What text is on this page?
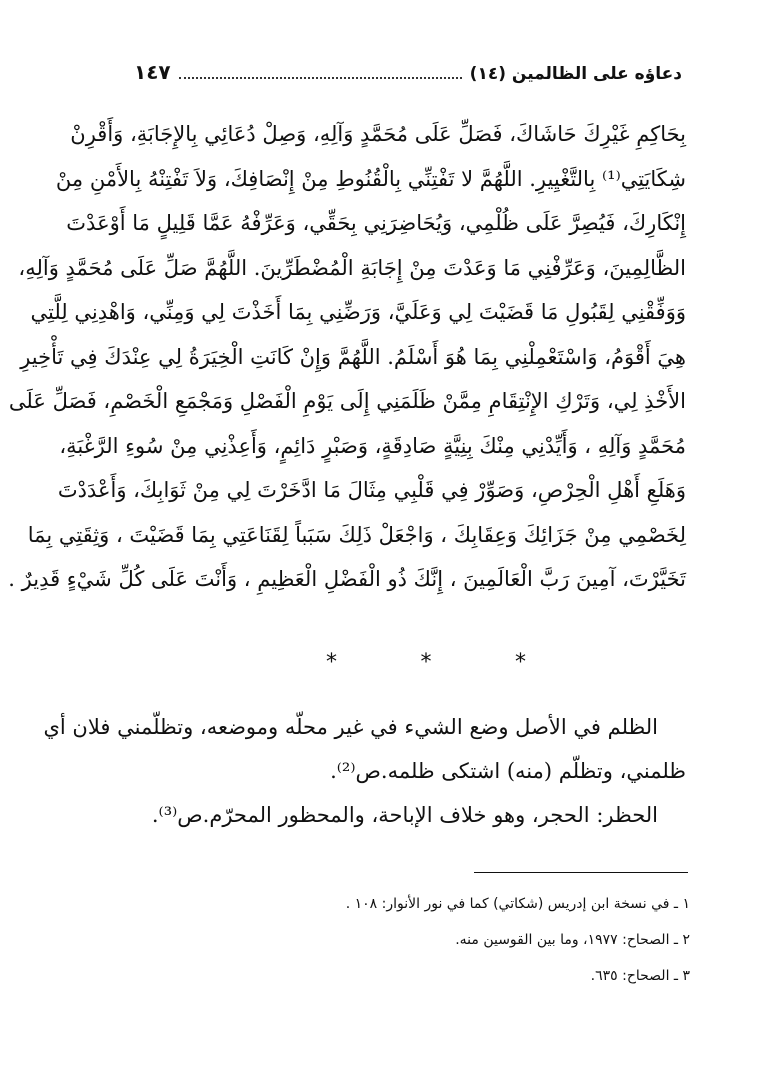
دعاؤه على الظالمين (١٤)
١٤٧
بِحَاكِمِ غَيْرِكَ حَاشَاكَ، فَصَلِّ عَلَى مُحَمَّدٍ وَآلِهِ، وَصِلْ دُعَائِي بِالإِجَابَةِ، وَأَقْرِنْ
شِكَايَتِي⁽¹⁾ بِالتَّغْيِيرِ. اللَّهُمَّ لا تَفْتِنِّي بِالْقُنُوطِ مِنْ إِنْصَافِكَ، وَلاَ تَفْتِنْهُ بِالأَمْنِ مِنْ
إِنْكَارِكَ، فَيُصِرَّ عَلَى ظُلْمِي، وَيُحَاضِرَنِي بِحَقِّي، وَعَرِّفْهُ عَمَّا قَلِيلٍ مَا أَوْعَدْتَ
الظَّالِمِينَ، وَعَرِّفْنِي مَا وَعَدْتَ مِنْ إِجَابَةِ الْمُضْطَرِّينَ. اللَّهُمَّ صَلِّ عَلَى مُحَمَّدٍ وَآلِهِ،
وَوَفِّقْنِي لِقَبُولِ مَا قَضَيْتَ لِي وَعَلَيَّ، وَرَضِّنِي بِمَا أَخَذْتَ لِي وَمِنِّي، وَاهْدِنِي لِلَّتِي
هِيَ أَقْوَمُ، وَاسْتَعْمِلْنِي بِمَا هُوَ أَسْلَمُ. اللَّهُمَّ وَإِنْ كَانَتِ الْخِيَرَةُ لِي عِنْدَكَ فِي تَأْخِيرِ
الأَخْذِ لِي، وَتَرْكِ الإِنْتِقَامِ مِمَّنْ ظَلَمَنِي إِلَى يَوْمِ الْفَصْلِ وَمَجْمَعِ الْخَصْمِ، فَصَلِّ عَلَى
مُحَمَّدٍ وَآلِهِ ، وَأَيِّدْنِي مِنْكَ بِنِيَّةٍ صَادِقَةٍ، وَصَبْرٍ دَائِمٍ، وَأَعِذْنِي مِنْ سُوءِ الرَّغْبَةِ،
وَهَلَعِ أَهْلِ الْحِرْصِ، وَصَوِّرْ فِي قَلْبِي مِثَالَ مَا ادَّخَرْتَ لِي مِنْ ثَوَابِكَ، وَأَعْدَدْتَ
لِخَصْمِي مِنْ جَزَائِكَ وَعِقَابِكَ ، وَاجْعَلْ ذَلِكَ سَبَباً لِقَنَاعَتِي بِمَا قَضَيْتَ ، وَثِقَتِي بِمَا
تَخَيَّرْتَ، آمِينَ رَبَّ الْعَالَمِينَ ، إِنَّكَ ذُو الْفَضْلِ الْعَظِيمِ ، وَأَنْتَ عَلَى كُلِّ شَيْءٍ قَدِيرٌ .
*	*	*
الظلم في الأصل وضع الشيء في غير محلّه وموضعه، وتظلّمني فلان أي
ظلمني، وتظلّم (منه) اشتكى ظلمه.ص⁽²⁾.
الحظر: الحجر، وهو خلاف الإباحة، والمحظور المحرّم.ص⁽³⁾.
١ ـ في نسخة ابن إدريس (شكاتي) كما في نور الأنوار: ١٠٨ .
٢ ـ الصحاح: ١٩٧٧، وما بين القوسين منه.
٣ ـ الصحاح: ٦٣٥.
